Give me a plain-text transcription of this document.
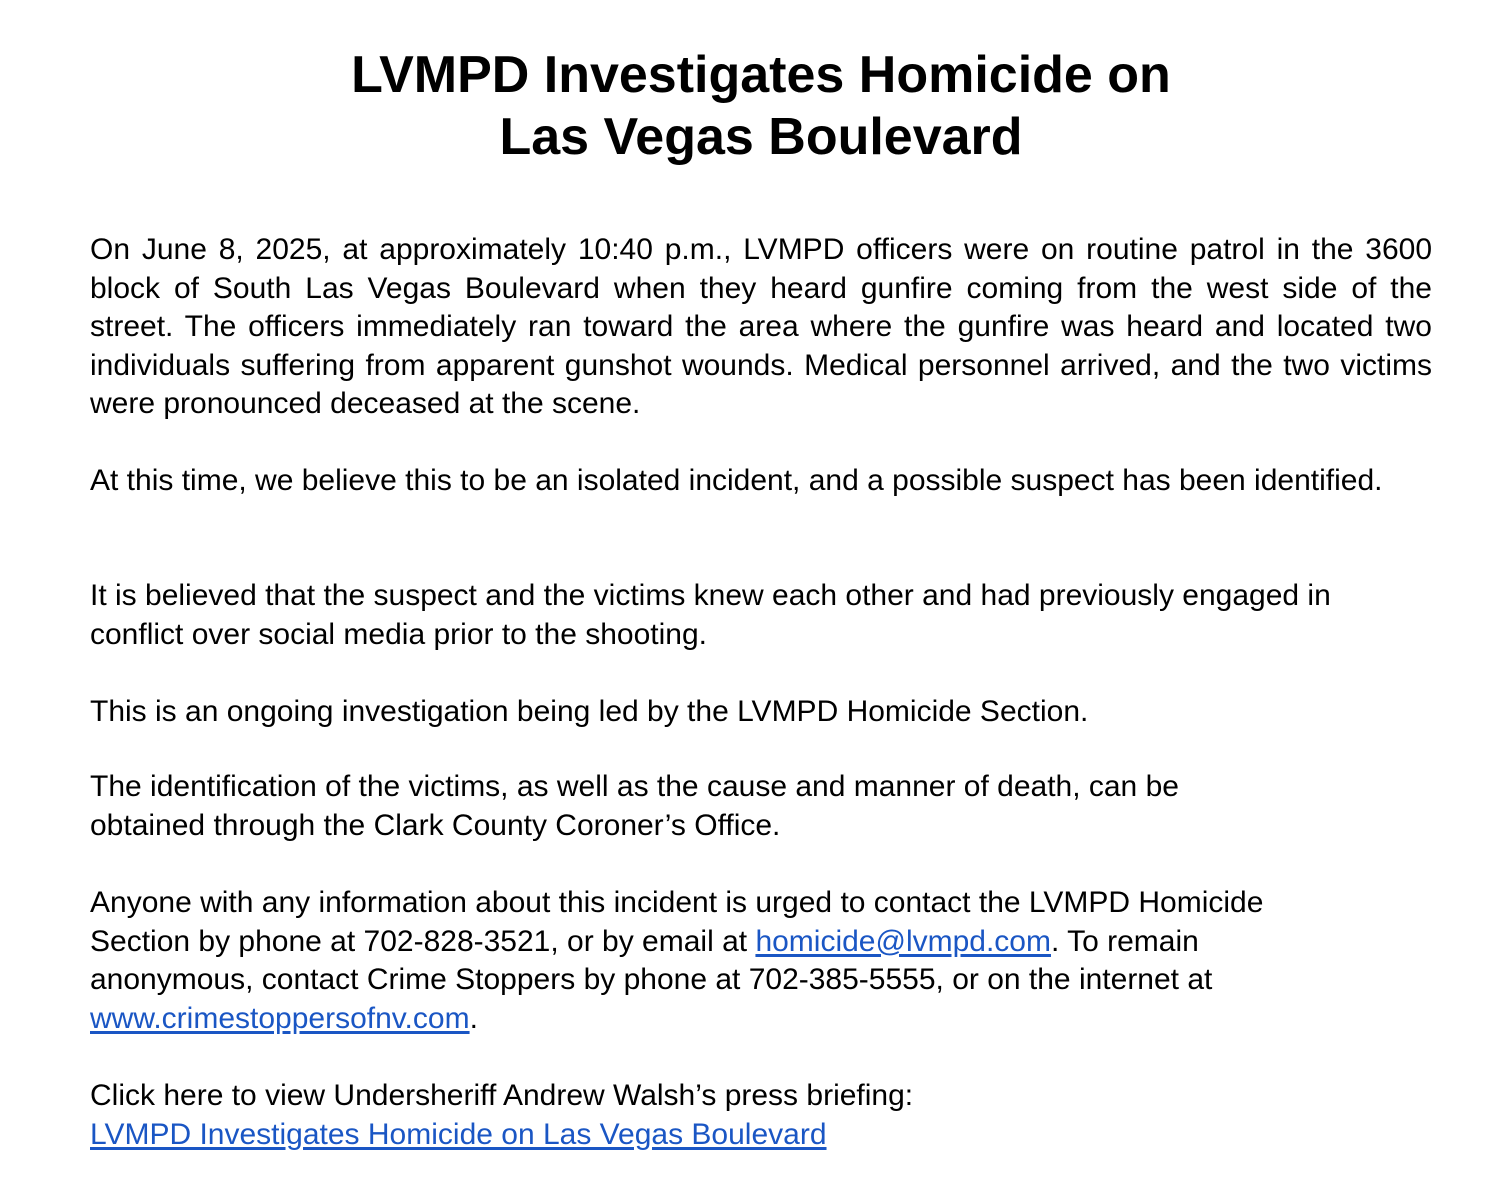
LVMPD Investigates Homicide on
Las Vegas Boulevard

On June 8, 2025, at approximately 10:40 p.m., LVMPD officers were on routine patrol in the 3600 block of South Las Vegas Boulevard when they heard gunfire coming from the west side of the street. The officers immediately ran toward the area where the gunfire was heard and located two individuals suffering from apparent gunshot wounds. Medical personnel arrived, and the two victims were pronounced deceased at the scene.

At this time, we believe this to be an isolated incident, and a possible suspect has been identified.

It is believed that the suspect and the victims knew each other and had previously engaged in conflict over social media prior to the shooting.

This is an ongoing investigation being led by the LVMPD Homicide Section.

The identification of the victims, as well as the cause and manner of death, can be
obtained through the Clark County Coroner’s Office.

Anyone with any information about this incident is urged to contact the LVMPD Homicide
Section by phone at 702-828-3521, or by email at homicide@lvmpd.com. To remain
anonymous, contact Crime Stoppers by phone at 702-385-5555, or on the internet at
www.crimestoppersofnv.com.

Click here to view Undersheriff Andrew Walsh’s press briefing:
LVMPD Investigates Homicide on Las Vegas Boulevard
